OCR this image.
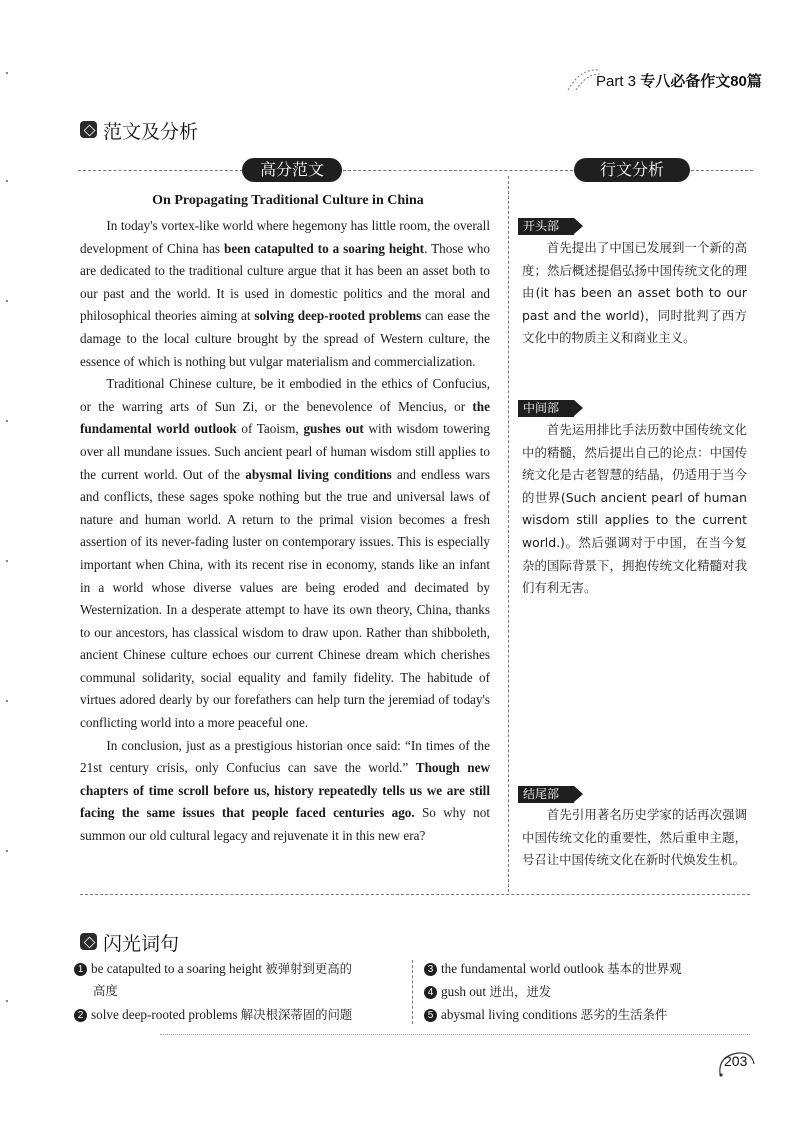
Part 3 专八必备作文80篇
范文及分析
高分范文	行文分析
On Propagating Traditional Culture in China

In today's vortex-like world where hegemony has little room, the overall development of China has been catapulted to a soaring height. Those who are dedicated to the traditional culture argue that it has been an asset both to our past and the world. It is used in domestic politics and the moral and philosophical theories aiming at solving deep-rooted problems can ease the damage to the local culture brought by the spread of Western culture, the essence of which is nothing but vulgar materialism and commercialization.

Traditional Chinese culture, be it embodied in the ethics of Confucius, or the warring arts of Sun Zi, or the benevolence of Mencius, or the fundamental world outlook of Taoism, gushes out with wisdom towering over all mundane issues. Such ancient pearl of human wisdom still applies to the current world. Out of the abysmal living conditions and endless wars and conflicts, these sages spoke nothing but the true and universal laws of nature and human world. A return to the primal vision becomes a fresh assertion of its never-fading luster on contemporary issues. This is especially important when China, with its recent rise in economy, stands like an infant in a world whose diverse values are being eroded and decimated by Westernization. In a desperate attempt to have its own theory, China, thanks to our ancestors, has classical wisdom to draw upon. Rather than shibboleth, ancient Chinese culture echoes our current Chinese dream which cherishes communal solidarity, social equality and family fidelity. The habitude of virtues adored dearly by our forefathers can help turn the jeremiad of today's conflicting world into a more peaceful one.

In conclusion, just as a prestigious historian once said: “In times of the 21st century crisis, only Confucius can save the world.” Though new chapters of time scroll before us, history repeatedly tells us we are still facing the same issues that people faced centuries ago. So why not summon our old cultural legacy and rejuvenate it in this new era?

开头部分 首先提出了中国已发展到一个新的高度；然后概述提倡弘扬中国传统文化的理由(it has been an asset both to our past and the world)，同时批判了西方文化中的物质主义和商业主义。

中间部分 首先运用排比手法历数中国传统文化中的精髓，然后提出自己的论点：中国传统文化是古老智慧的结晶，仍适用于当今的世界(Such ancient pearl of human wisdom still applies to the current world.)。然后强调对于中国，在当今复杂的国际背景下，拥抱传统文化精髓对我们有利无害。

结尾部分 首先引用著名历史学家的话再次强调中国传统文化的重要性，然后重申主题，号召让中国传统文化在新时代焕发生机。

闪光词句
1 be catapulted to a soaring height 被弹射到更高的
高度
2 solve deep-rooted problems 解决根深蒂固的问题
3 the fundamental world outlook 基本的世界观
4 gush out 迸出，迸发
5 abysmal living conditions 恶劣的生活条件
203
